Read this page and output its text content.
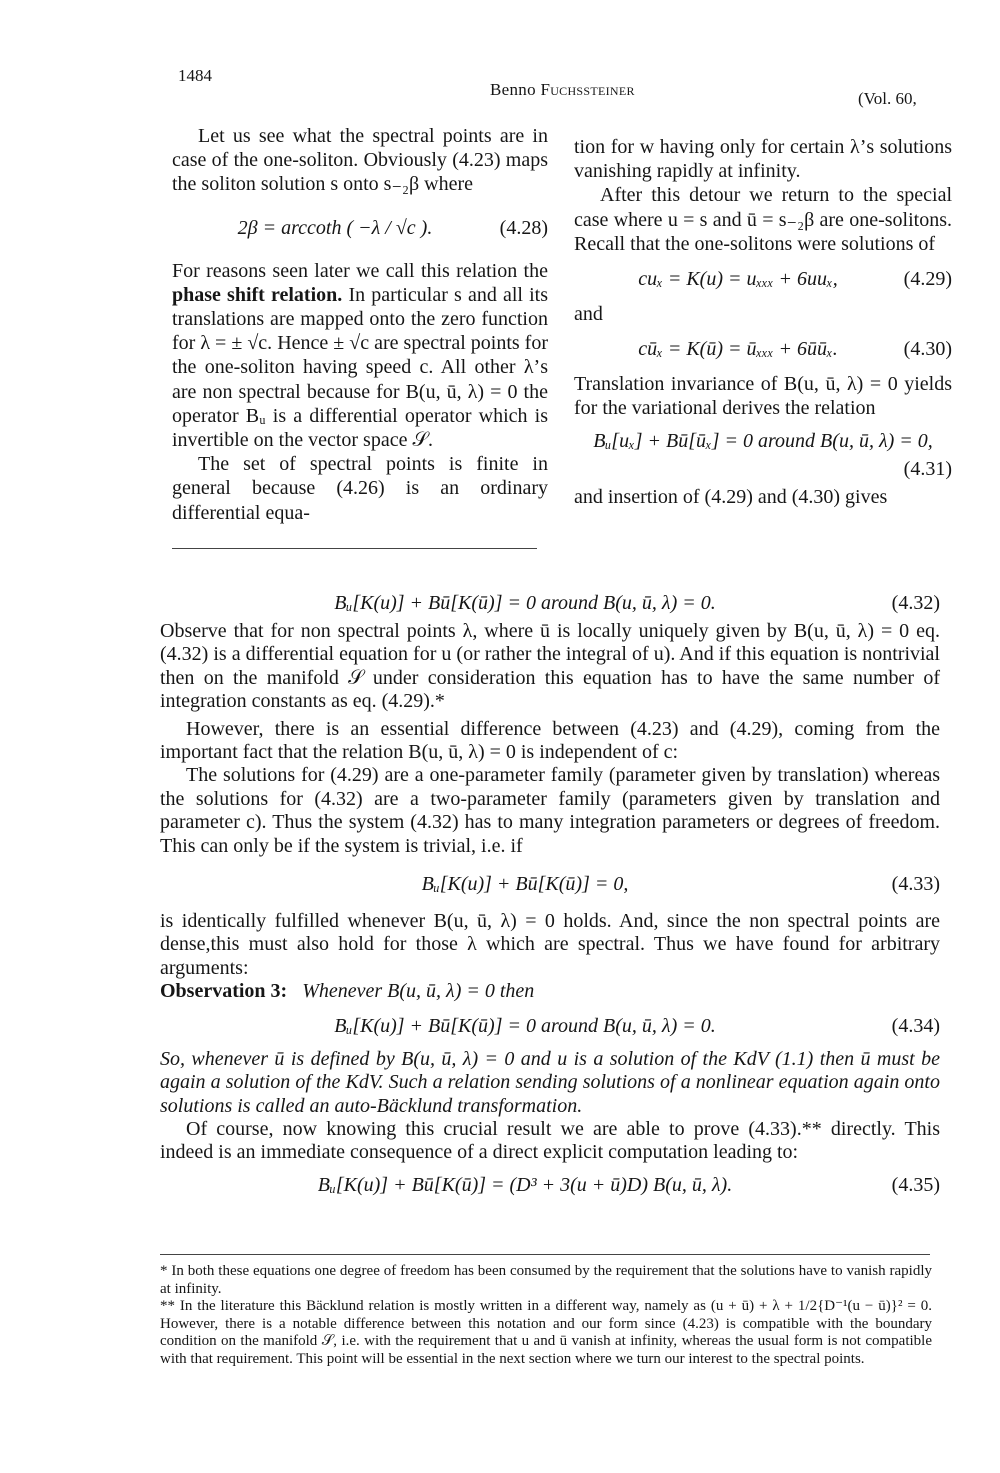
1484
Benno Fuchssteiner	(Vol. 60,

Let us see what the spectral points are in case of the one-soliton. Obviously (4.23) maps the soliton solution s onto s₋₂β where

2β = arccoth ( −λ / √c ).	(4.28)

For reasons seen later we call this relation the phase shift relation. In particular s and all its translations are mapped onto the zero function for λ = ± √c. Hence ± √c are spectral points for the one-soliton having speed c. All other λ’s are non spectral because for B(u, ū, λ) = 0 the operator Bᵤ is a differential operator which is invertible on the vector space 𝒮.

The set of spectral points is finite in general because (4.26) is an ordinary differential equa-

tion for w having only for certain λ’s solutions vanishing rapidly at infinity.

After this detour we return to the special case where u = s and ū = s₋₂β are one-solitons. Recall that the one-solitons were solutions of

cuₓ = K(u) = uₓₓₓ + 6uuₓ,	(4.29)

and

cūₓ = K(ū) = ūₓₓₓ + 6ūūₓ.	(4.30)

Translation invariance of B(u, ū, λ) = 0 yields for the variational derives the relation

Bᵤ[uₓ] + Bū[ūₓ] = 0 around B(u, ū, λ) = 0,
(4.31)

and insertion of (4.29) and (4.30) gives

Bᵤ[K(u)] + Bū[K(ū)] = 0 around B(u, ū, λ) = 0.	(4.32)

Observe that for non spectral points λ, where ū is locally uniquely given by B(u, ū, λ) = 0 eq. (4.32) is a differential equation for u (or rather the integral of u). And if this equation is nontrivial then on the manifold 𝒮 under consideration this equation has to have the same number of integration constants as eq. (4.29).*

However, there is an essential difference between (4.23) and (4.29), coming from the important fact that the relation B(u, ū, λ) = 0 is independent of c:

The solutions for (4.29) are a one-parameter family (parameter given by translation) whereas the solutions for (4.32) are a two-parameter family (parameters given by translation and parameter c). Thus the system (4.32) has to many integration parameters or degrees of freedom. This can only be if the system is trivial, i.e. if

Bᵤ[K(u)] + Bū[K(ū)] = 0,	(4.33)

is identically fulfilled whenever B(u, ū, λ) = 0 holds. And, since the non spectral points are dense,this must also hold for those λ which are spectral. Thus we have found for arbitrary arguments:

Observation 3: Whenever B(u, ū, λ) = 0 then

Bᵤ[K(u)] + Bū[K(ū)] = 0 around B(u, ū, λ) = 0.	(4.34)

So, whenever ū is defined by B(u, ū, λ) = 0 and u is a solution of the KdV (1.1) then ū must be again a solution of the KdV. Such a relation sending solutions of a nonlinear equation again onto solutions is called an auto-Bäcklund transformation.

Of course, now knowing this crucial result we are able to prove (4.33).** directly. This indeed is an immediate consequence of a direct explicit computation leading to:

Bᵤ[K(u)] + Bū[K(ū)] = (D³ + 3(u + ū)D) B(u, ū, λ).	(4.35)

* In both these equations one degree of freedom has been consumed by the requirement that the solutions have to vanish rapidly at infinity.

** In the literature this Bäcklund relation is mostly written in a different way, namely as (u + ū) + λ + 1/2{D⁻¹(u − ū)}² = 0. However, there is a notable difference between this notation and our form since (4.23) is compatible with the boundary condition on the manifold 𝒮, i.e. with the requirement that u and ū vanish at infinity, whereas the usual form is not compatible with that requirement. This point will be essential in the next section where we turn our interest to the spectral points.
